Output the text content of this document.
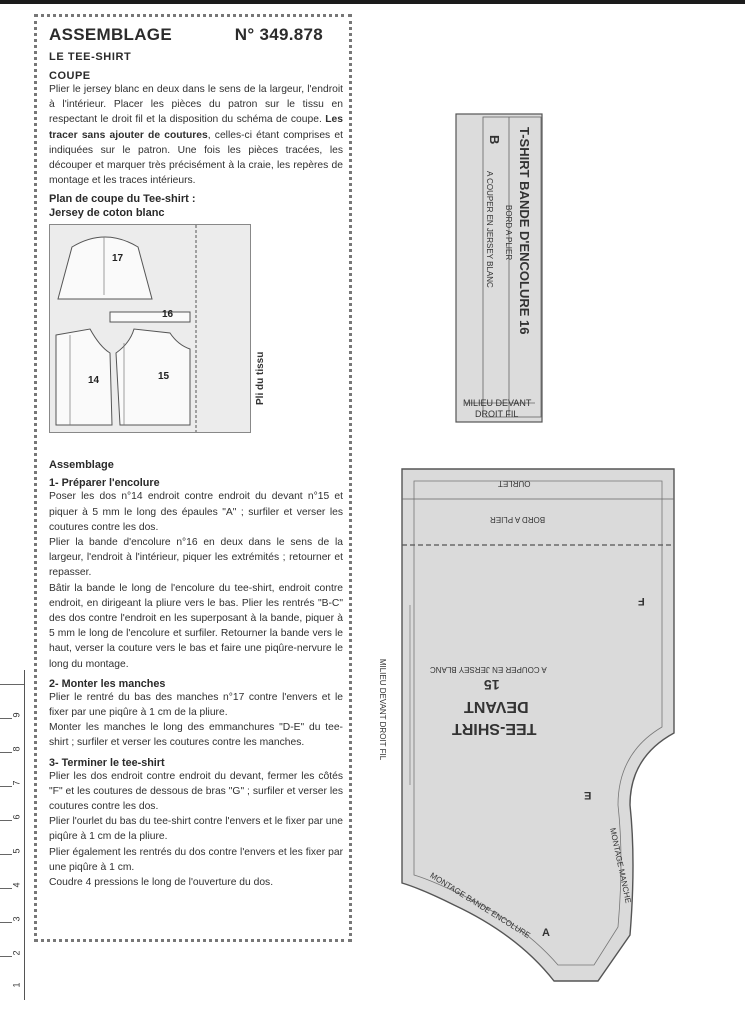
ASSEMBLAGE	N° 349.878
LE TEE-SHIRT
COUPE
Plier le jersey blanc en deux dans le sens de la largeur, l'endroit à l'intérieur. Placer les pièces du patron sur le tissu en respectant le droit fil et la disposition du schéma de coupe. Les tracer sans ajouter de coutures, celles-ci étant comprises et indiquées sur le patron. Une fois les pièces tracées, les découper et marquer très précisément à la craie, les repères de montage et les traces intérieurs.
Plan de coupe du Tee-shirt :
Jersey de coton blanc
17
16
14	15	Pli du tissu
Assemblage
1- Préparer l'encolure
Poser les dos n°14 endroit contre endroit du devant n°15 et piquer à 5 mm le long des épaules "A" ; surfiler et verser les coutures contre les dos.
Plier la bande d'encolure n°16 en deux dans le sens de la largeur, l'endroit à l'intérieur, piquer les extrémités ; retourner et repasser.
Bâtir la bande le long de l'encolure du tee-shirt, endroit contre endroit, en dirigeant la pliure vers le bas. Plier les rentrés "B-C" des dos contre l'endroit en les superposant à la bande, piquer à 5 mm le long de l'encolure et surfiler. Retourner la bande vers le haut, verser la couture vers le bas et faire une piqûre-nervure le long du montage.
2- Monter les manches
Plier le rentré du bas des manches n°17 contre l'envers et le fixer par une piqûre à 1 cm de la pliure.
Monter les manches le long des emmanchures "D-E" du tee-shirt ; surfiler et verser les coutures contre les manches.
3- Terminer le tee-shirt
Plier les dos endroit contre endroit du devant, fermer les côtés "F" et les coutures de dessous de bras "G" ; surfiler et verser les coutures contre les dos.
Plier l'ourlet du bas du tee-shirt contre l'envers et le fixer par une piqûre à 1 cm de la pliure.
Plier également les rentrés du dos contre l'envers et les fixer par une piqûre à 1 cm.
Coudre 4 pressions le long de l'ouverture du dos.
9
8
7
6
5
4
3
2
1
T-SHIRT BANDE D'ENCOLURE 16
BORD A PLIER
A COUPER EN JERSEY BLANC
B
MILIEU DEVANT
DROIT FIL
OURLET
BORD A PLIER
F
A COUPER EN JERSEY BLANC
15
DEVANT
TEE-SHIRT
MILIEU DEVANT DROIT FIL
E
MONTAGE MANCHE
MONTAGE BANDE ENCOLURE A
